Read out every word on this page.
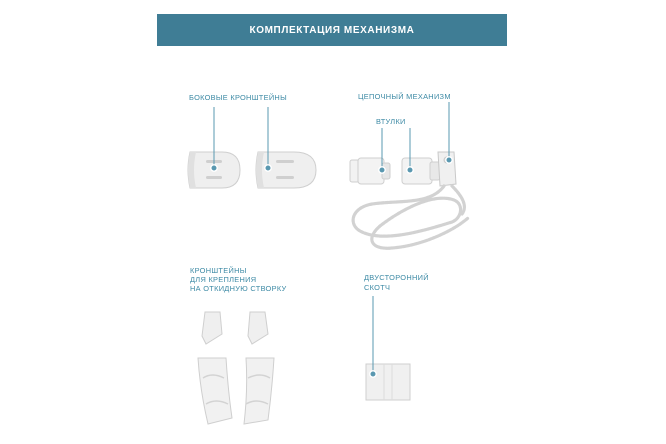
КОМПЛЕКТАЦИЯ МЕХАНИЗМА
БОКОВЫЕ КРОНШТЕЙНЫ	ЦЕПОЧНЫЙ МЕХАНИЗМ
ВТУЛКИ
КРОНШТЕЙНЫ
ДЛЯ КРЕПЛЕНИЯ
НА ОТКИДНУЮ СТВОРКУ
ДВУСТОРОННИЙ
СКОТЧ
